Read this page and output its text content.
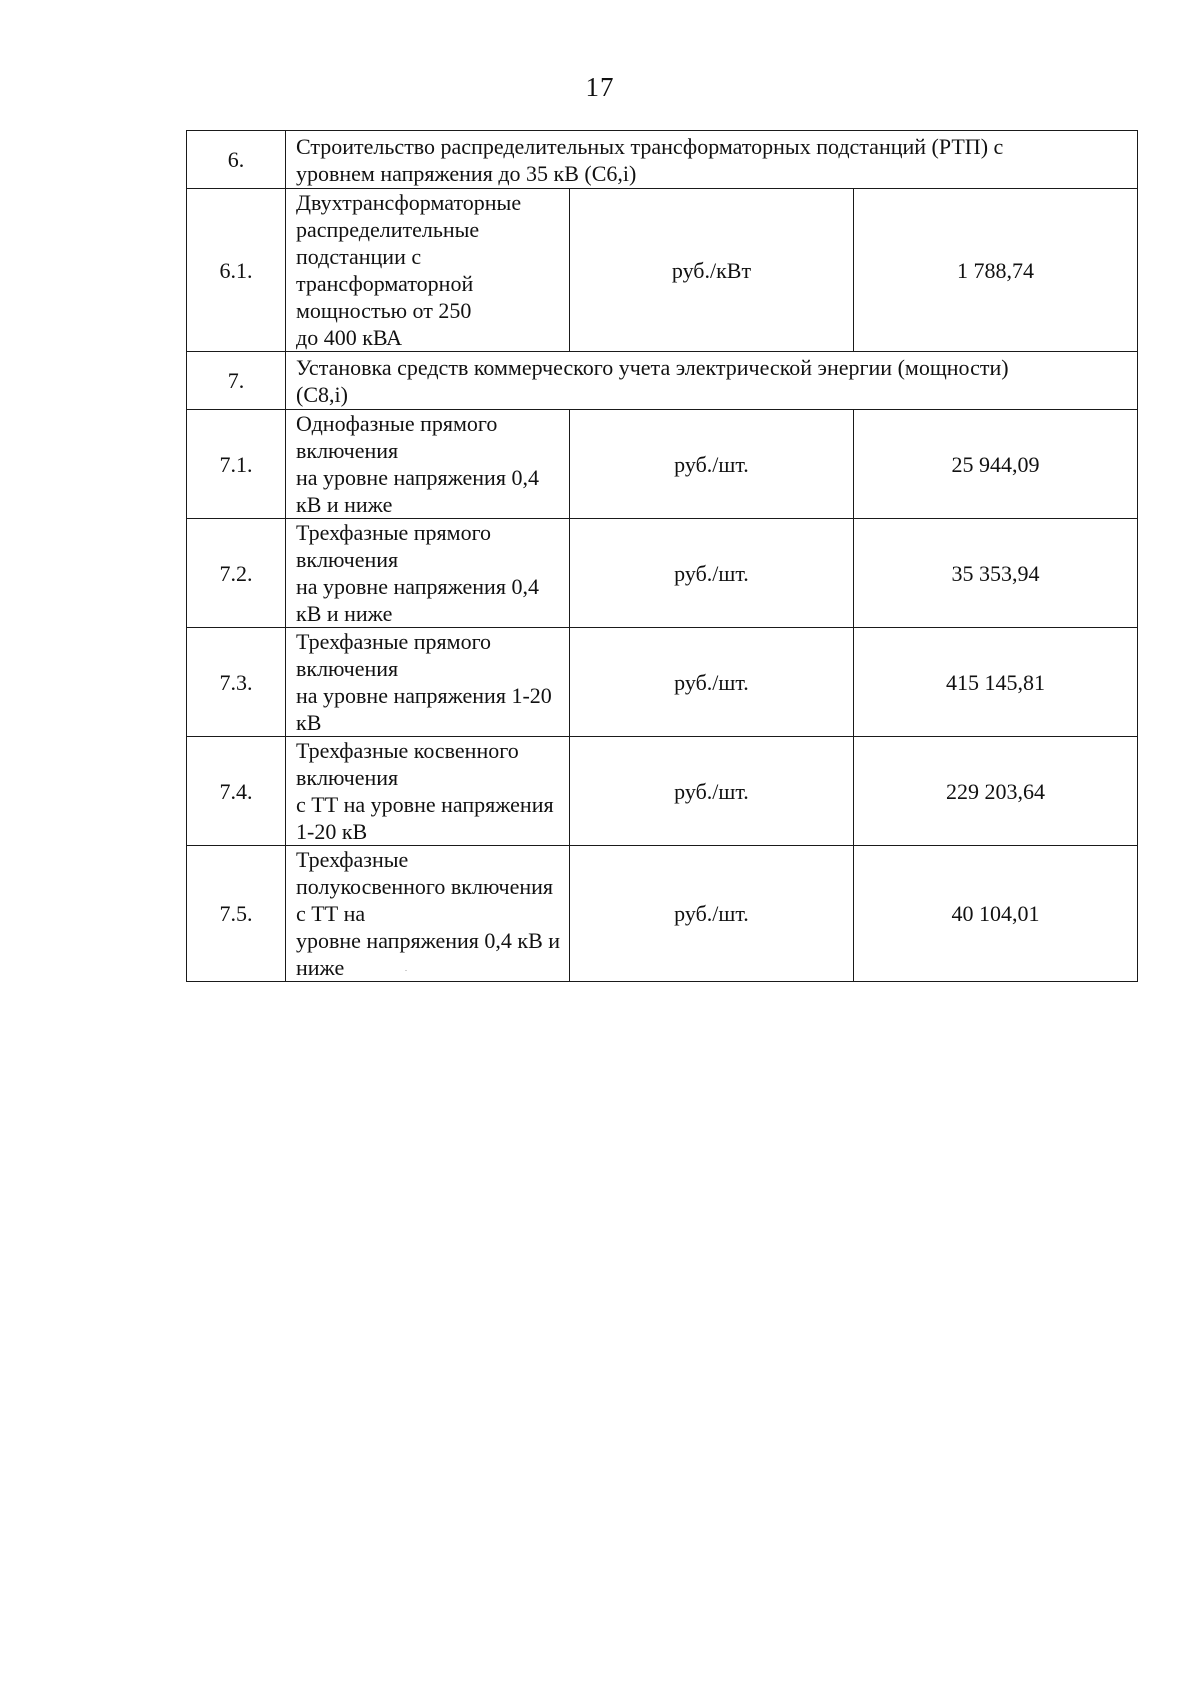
17
6.	Строительство распределительных трансформаторных подстанций (РТП) с
уровнем напряжения до 35 кВ (С6,i)		

6.1.	Двухтрансформаторные распределительные
подстанции с трансформаторной мощностью от 250
до 400 кВА	руб./кВт	1 788,74
7.	Установка средств коммерческого учета электрической энергии (мощности)
(С8,i)		

7.1.	Однофазные прямого включения
на уровне напряжения 0,4 кВ и ниже	руб./шт.	25 944,09
7.2.	Трехфазные прямого включения
на уровне напряжения 0,4 кВ и ниже	руб./шт.	35 353,94
7.3.	Трехфазные прямого включения
на уровне напряжения 1-20 кВ	руб./шт.	415 145,81
7.4.	Трехфазные косвенного включения
с ТТ на уровне напряжения 1-20 кВ	руб./шт.	229 203,64
7.5.	Трехфазные полукосвенного включения с ТТ на
уровне напряжения 0,4 кВ и ниже	руб./шт.	40 104,01
